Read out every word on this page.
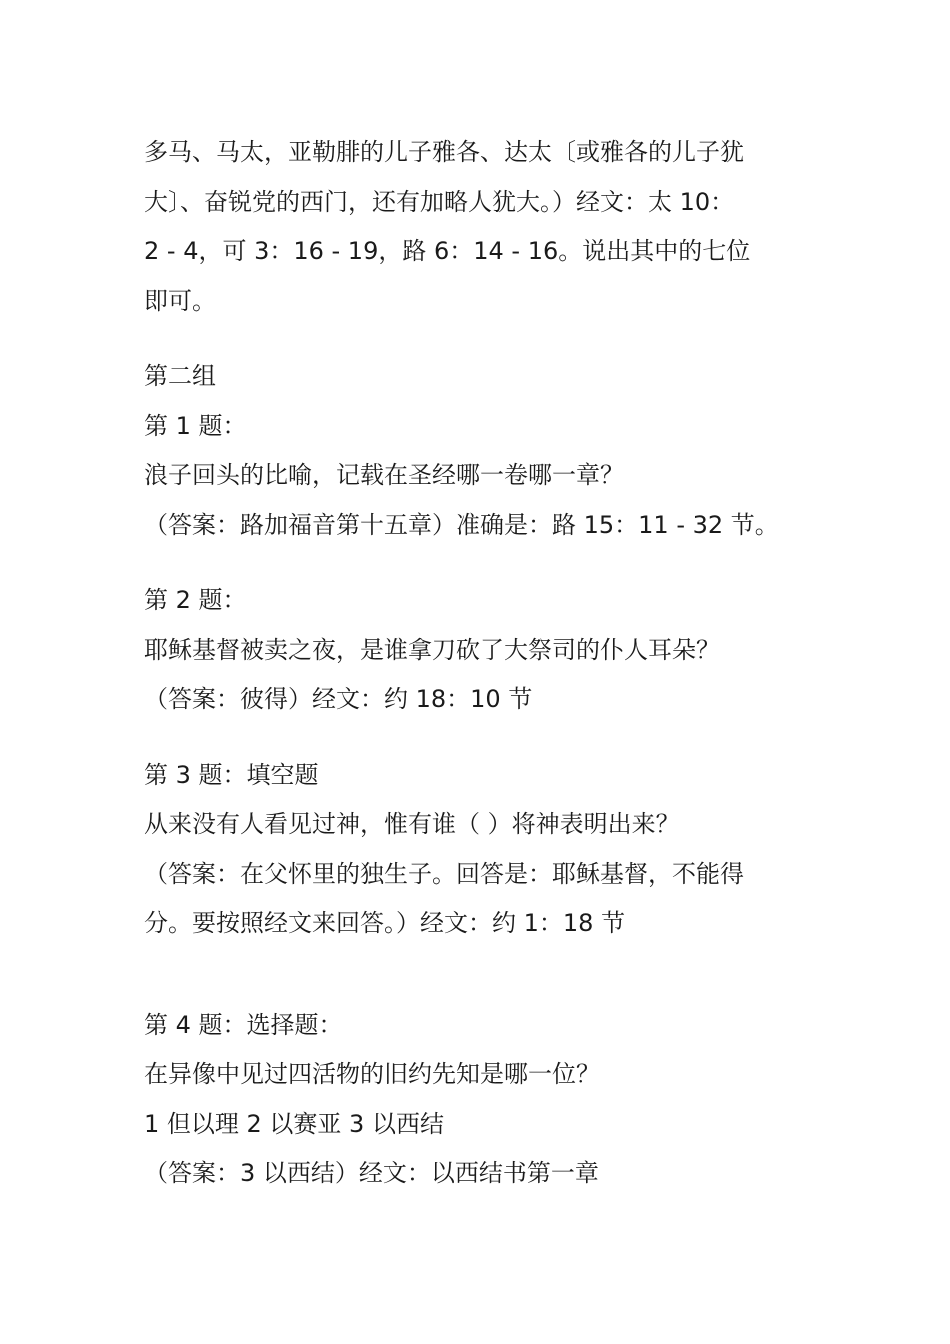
多马、马太，亚勒腓的儿子雅各、达太〔或雅各的儿子犹
大〕、奋锐党的西门，还有加略人犹大。）经文：太 10：
2 - 4，可 3：16 - 19，路 6：14 - 16。说出其中的七位
即可。
第二组
第 1 题：
浪子回头的比喻，记载在圣经哪一卷哪一章？
（答案：路加福音第十五章）准确是：路 15：11 - 32 节。
第 2 题：
耶稣基督被卖之夜，是谁拿刀砍了大祭司的仆人耳朵？
（答案：彼得）经文：约 18：10 节
第 3 题：填空题
从来没有人看见过神，惟有谁（ ）将神表明出来？
（答案：在父怀里的独生子。回答是：耶稣基督，不能得
分。要按照经文来回答。）经文：约 1：18 节
第 4 题：选择题：
在异像中见过四活物的旧约先知是哪一位？
1 但以理 2 以赛亚 3 以西结
（答案：3 以西结）经文：以西结书第一章
